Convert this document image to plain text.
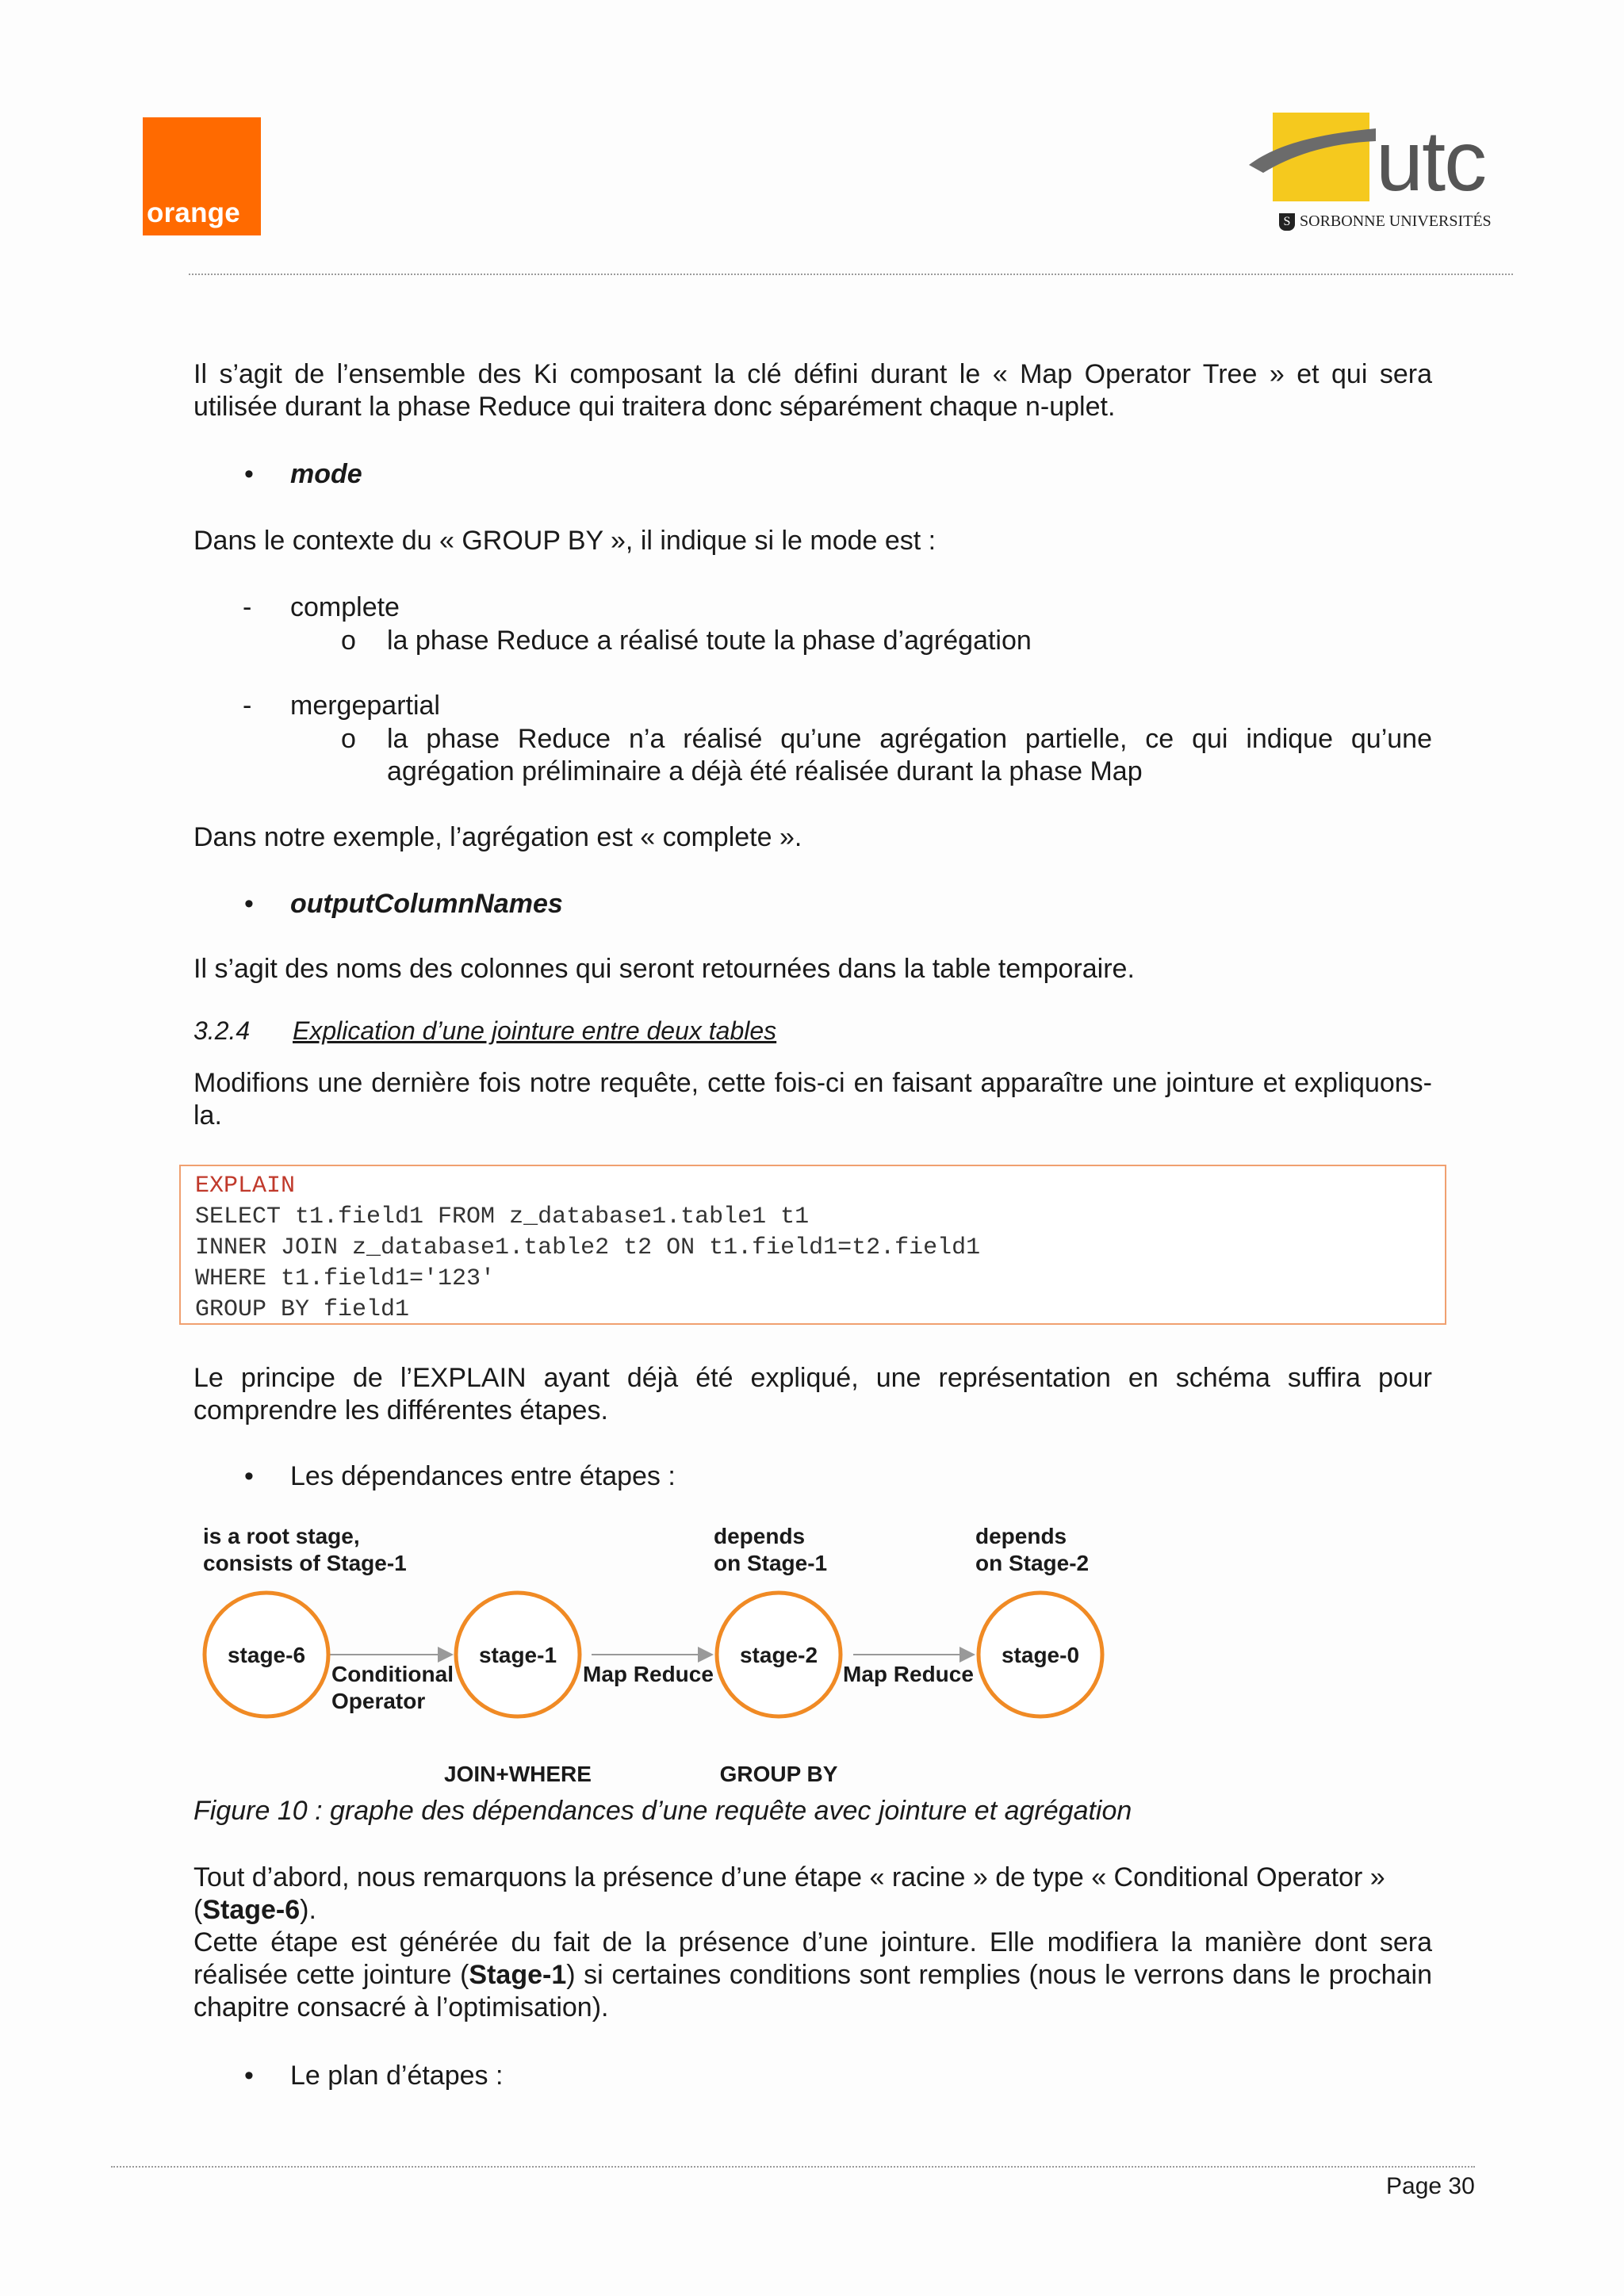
orange
utc
S SORBONNE UNIVERSITÉS
Il s’agit de l’ensemble des Ki composant la clé défini durant le « Map Operator Tree » et qui sera utilisée durant la phase Reduce qui traitera donc séparément chaque n-uplet.
• mode
Dans le contexte du « GROUP BY », il indique si le mode est :
- complete
o la phase Reduce a réalisé toute la phase d’agrégation
- mergepartial
o la phase Reduce n’a réalisé qu’une agrégation partielle, ce qui indique qu’une agrégation préliminaire a déjà été réalisée durant la phase Map
Dans notre exemple, l’agrégation est « complete ».
• outputColumnNames
Il s’agit des noms des colonnes qui seront retournées dans la table temporaire.
3.2.4 Explication d’une jointure entre deux tables
Modifions une dernière fois notre requête, cette fois-ci en faisant apparaître une jointure et expliquons-la.
EXPLAIN
SELECT t1.field1 FROM z_database1.table1 t1
INNER JOIN z_database1.table2 t2 ON t1.field1=t2.field1
WHERE t1.field1='123'
GROUP BY field1
Le principe de l’EXPLAIN ayant déjà été expliqué, une représentation en schéma suffira pour comprendre les différentes étapes.
• Les dépendances entre étapes :
stage-6	stage-1	stage-2	stage-0
is a root stage,
consists of Stage-1
depends
on Stage-1
depends
on Stage-2
Conditional
Operator
Map Reduce	Map Reduce
JOIN+WHERE	GROUP BY
Figure 10 : graphe des dépendances d’une requête avec jointure et agrégation
Tout d’abord, nous remarquons la présence d’une étape « racine » de type « Conditional Operator »
(Stage-6).
Cette étape est générée du fait de la présence d’une jointure. Elle modifiera la manière dont sera réalisée cette jointure (Stage-1) si certaines conditions sont remplies (nous le verrons dans le prochain chapitre consacré à l’optimisation).
• Le plan d’étapes :
Page 30
